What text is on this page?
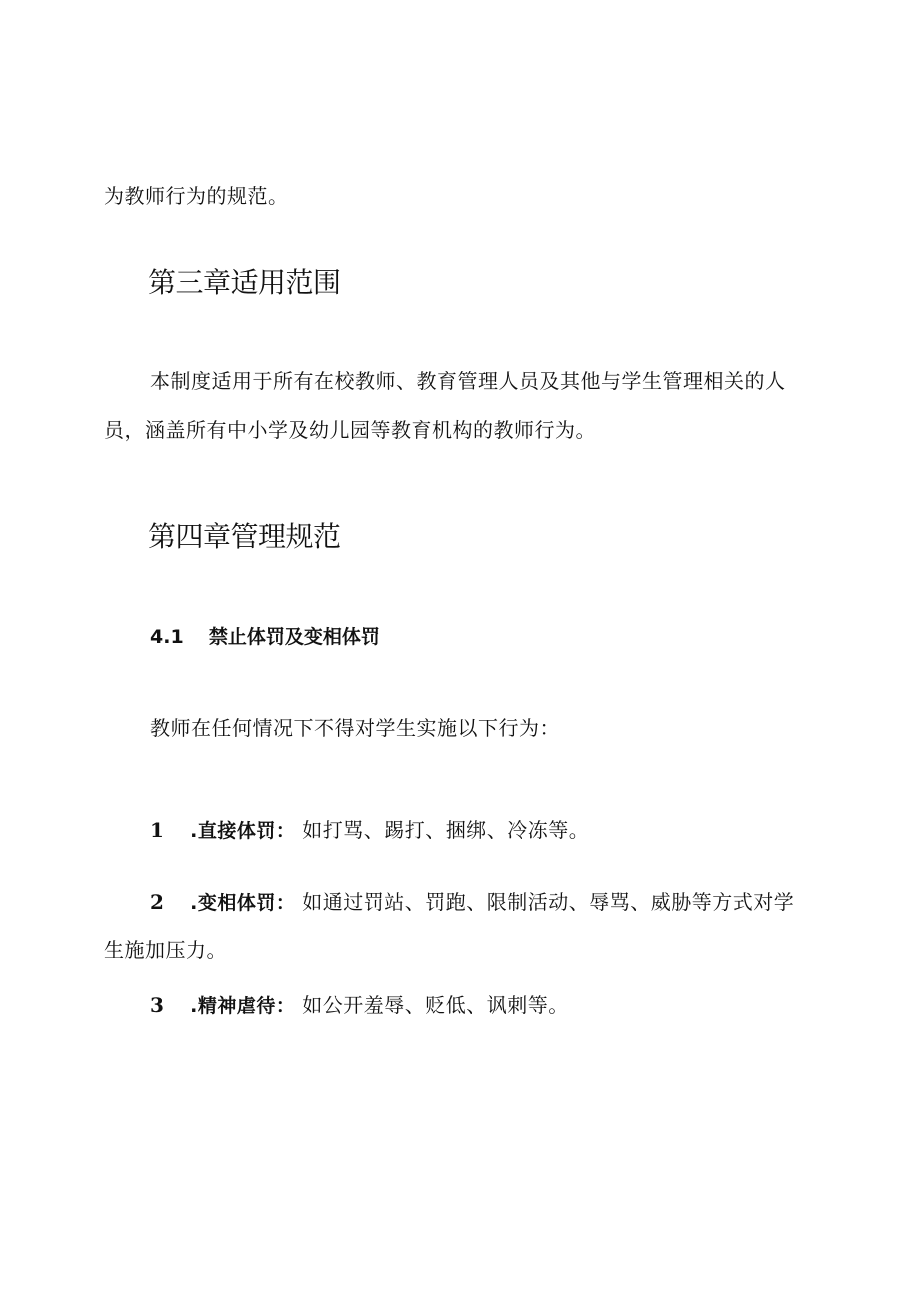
为教师行为的规范。
第三章适用范围
本制度适用于所有在校教师、教育管理人员及其他与学生管理相关的人
员，涵盖所有中小学及幼儿园等教育机构的教师行为。
第四章管理规范
4.1 禁止体罚及变相体罚
教师在任何情况下不得对学生实施以下行为：
1 .直接体罚： 如打骂、踢打、捆绑、冷冻等。
2 .变相体罚： 如通过罚站、罚跑、限制活动、辱骂、威胁等方式对学
生施加压力。
3 .精神虐待： 如公开羞辱、贬低、讽刺等。
